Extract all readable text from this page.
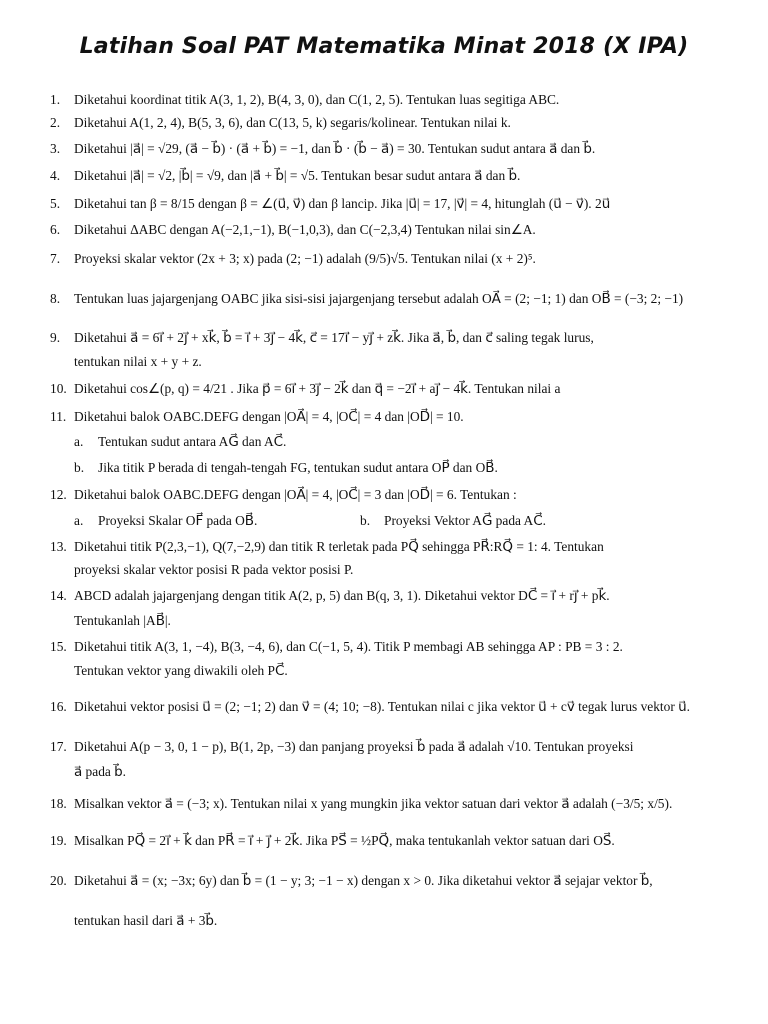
Latihan Soal PAT Matematika Minat 2018 (X IPA)
1. Diketahui koordinat titik A(3, 1, 2), B(4, 3, 0), dan C(1, 2, 5). Tentukan luas segitiga ABC.
2. Diketahui A(1, 2, 4), B(5, 3, 6), dan C(13, 5, k) segaris/kolinear. Tentukan nilai k.
3. Diketahui |a⃗| = √29, (a⃗ − b⃗) · (a⃗ + b⃗) = −1, dan b⃗ · (b⃗ − a⃗) = 30. Tentukan sudut antara a⃗ dan b⃗.
4. Diketahui |a⃗| = √2, |b⃗| = √9, dan |a⃗ + b⃗| = √5. Tentukan besar sudut antara a⃗ dan b⃗.
5. Diketahui tan β = 8/15 dengan β = ∠(u⃗, v⃗) dan β lancip. Jika |u⃗| = 17, |v⃗| = 4, hitunglah (u⃗ − v⃗). 2u⃗
6. Diketahui ΔABC dengan A(−2,1,−1), B(−1,0,3), dan C(−2,3,4) Tentukan nilai sin∠A.
7. Proyeksi skalar vektor (2x + 3; x) pada (2; −1) adalah (9/5)√5. Tentukan nilai (x + 2)⁵.
8. Tentukan luas jajargenjang OABC jika sisi-sisi jajargenjang tersebut adalah OA⃗ = (2; −1; 1) dan OB⃗ = (−3; 2; −1)
9. Diketahui a⃗ = 6i⃗ + 2j⃗ + xk⃗, b⃗ = i⃗ + 3j⃗ − 4k⃗, c⃗ = 17i⃗ − yj⃗ + zk⃗. Jika a⃗, b⃗, dan c⃗ saling tegak lurus,
tentukan nilai x + y + z.
10. Diketahui cos∠(p, q) = 4/21 . Jika p⃗ = 6i⃗ + 3j⃗ − 2k⃗ dan q⃗ = −2i⃗ + aj⃗ − 4k⃗. Tentukan nilai a
11. Diketahui balok OABC.DEFG dengan |OA⃗| = 4, |OC⃗| = 4 dan |OD⃗| = 10.
a. Tentukan sudut antara AG⃗ dan AC⃗.
b. Jika titik P berada di tengah-tengah FG, tentukan sudut antara OP⃗ dan OB⃗.
12. Diketahui balok OABC.DEFG dengan |OA⃗| = 4, |OC⃗| = 3 dan |OD⃗| = 6. Tentukan :
a. Proyeksi Skalar OF⃗ pada OB⃗.	b. Proyeksi Vektor AG⃗ pada AC⃗.
13. Diketahui titik P(2,3,−1), Q(7,−2,9) dan titik R terletak pada PQ⃗ sehingga PR⃗:RQ⃗ = 1: 4. Tentukan
proyeksi skalar vektor posisi R pada vektor posisi P.
14. ABCD adalah jajargenjang dengan titik A(2, p, 5) dan B(q, 3, 1). Diketahui vektor DC⃗ = i⃗ + rj⃗ + pk⃗.
Tentukanlah |AB⃗|.
15. Diketahui titik A(3, 1, −4), B(3, −4, 6), dan C(−1, 5, 4). Titik P membagi AB sehingga AP : PB = 3 : 2.
Tentukan vektor yang diwakili oleh PC⃗.
16. Diketahui vektor posisi u⃗ = (2; −1; 2) dan v⃗ = (4; 10; −8). Tentukan nilai c jika vektor u⃗ + cv⃗ tegak lurus vektor u⃗.
17. Diketahui A(p − 3, 0, 1 − p), B(1, 2p, −3) dan panjang proyeksi b⃗ pada a⃗ adalah √10. Tentukan proyeksi
a⃗ pada b⃗.
18. Misalkan vektor a⃗ = (−3; x). Tentukan nilai x yang mungkin jika vektor satuan dari vektor a⃗ adalah (−3/5; x/5).
19. Misalkan PQ⃗ = 2i⃗ + k⃗ dan PR⃗ = i⃗ + j⃗ + 2k⃗. Jika PS⃗ = ½PQ⃗, maka tentukanlah vektor satuan dari OS⃗.
20. Diketahui a⃗ = (x; −3x; 6y) dan b⃗ = (1 − y; 3; −1 − x) dengan x > 0. Jika diketahui vektor a⃗ sejajar vektor b⃗,
tentukan hasil dari a⃗ + 3b⃗.
